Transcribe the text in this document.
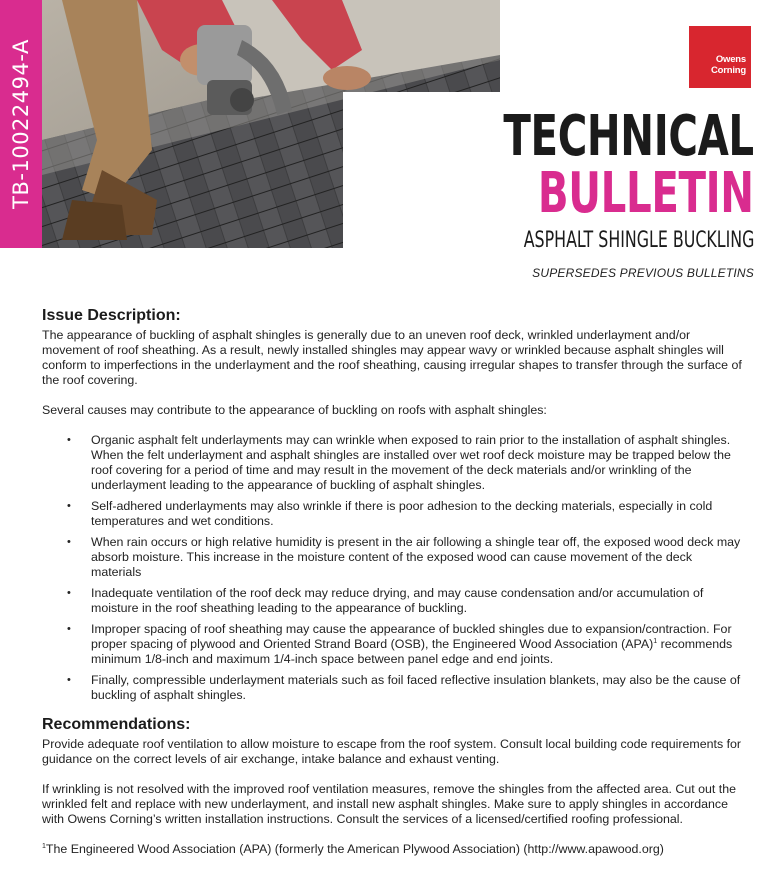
TB-10022494-A	Owens
Corning
TECHNICAL
BULLETIN
ASPHALT SHINGLE BUCKLING
SUPERSEDES PREVIOUS BULLETINS
Issue Description:

The appearance of buckling of asphalt shingles is generally due to an uneven roof deck, wrinkled underlayment and/or movement of roof sheathing. As a result, newly installed shingles may appear wavy or wrinkled because asphalt shingles will conform to imperfections in the underlayment and the roof sheathing, causing irregular shapes to transfer through the surface of the roof covering.

Several causes may contribute to the appearance of buckling on roofs with asphalt shingles:

• Organic asphalt felt underlayments may can wrinkle when exposed to rain prior to the installation of asphalt shingles. When the felt underlayment and asphalt shingles are installed over wet roof deck moisture may be trapped below the roof covering for a period of time and may result in the movement of the deck materials and/or wrinkling of the underlayment leading to the appearance of buckling of asphalt shingles.
• Self-adhered underlayments may also wrinkle if there is poor adhesion to the decking materials, especially in cold temperatures and wet conditions.
• When rain occurs or high relative humidity is present in the air following a shingle tear off, the exposed wood deck may absorb moisture. This increase in the moisture content of the exposed wood can cause movement of the deck materials
• Inadequate ventilation of the roof deck may reduce drying, and may cause condensation and/or accumulation of moisture in the roof sheathing leading to the appearance of buckling.
• Improper spacing of roof sheathing may cause the appearance of buckled shingles due to expansion/contraction. For proper spacing of plywood and Oriented Strand Board (OSB), the Engineered Wood Association (APA)$^1$ recommends minimum 1/8-inch and maximum 1/4-inch space between panel edge and end joints.
• Finally, compressible underlayment materials such as foil faced reflective insulation blankets, may also be the cause of buckling of asphalt shingles.
Recommendations:

Provide adequate roof ventilation to allow moisture to escape from the roof system. Consult local building code requirements for guidance on the correct levels of air exchange, intake balance and exhaust venting.

If wrinkling is not resolved with the improved roof ventilation measures, remove the shingles from the affected area. Cut out the wrinkled felt and replace with new underlayment, and install new asphalt shingles. Make sure to apply shingles in accordance with Owens Corning’s written installation instructions. Consult the services of a licensed/certified roofing professional.

$^1$The Engineered Wood Association (APA) (formerly the American Plywood Association) (http://www.apawood.org)
